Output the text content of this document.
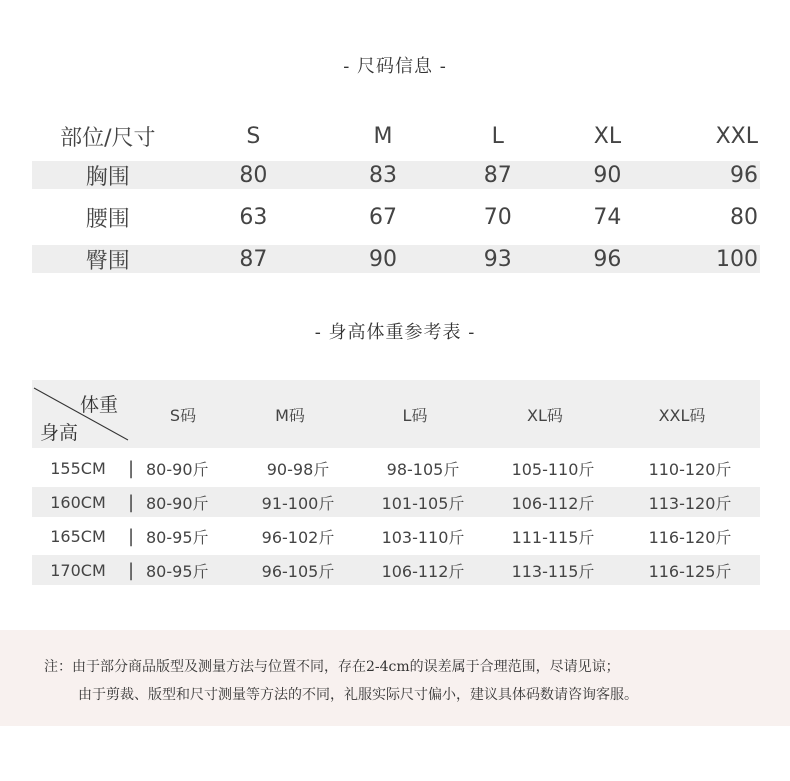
- 尺码信息 -
部位/尺寸	S	M	L	XL	XXL
胸围	80	83	87	90	96
腰围	63	67	70	74	80
臀围	87	90	93	96	100
- 身高体重参考表 -
体重
身高
S码	M码	L码	XL码	XXL码
155CM	| 80-90斤	90-98斤	98-105斤	105-110斤	110-120斤
160CM	| 80-90斤	91-100斤	101-105斤	106-112斤	113-120斤
165CM	| 80-95斤	96-102斤	103-110斤	111-115斤	116-120斤
170CM	| 80-95斤	96-105斤	106-112斤	113-115斤	116-125斤
注：由于部分商品版型及测量方法与位置不同，存在2-4cm的误差属于合理范围，尽请见谅；
由于剪裁、版型和尺寸测量等方法的不同，礼服实际尺寸偏小，建议具体码数请咨询客服。
